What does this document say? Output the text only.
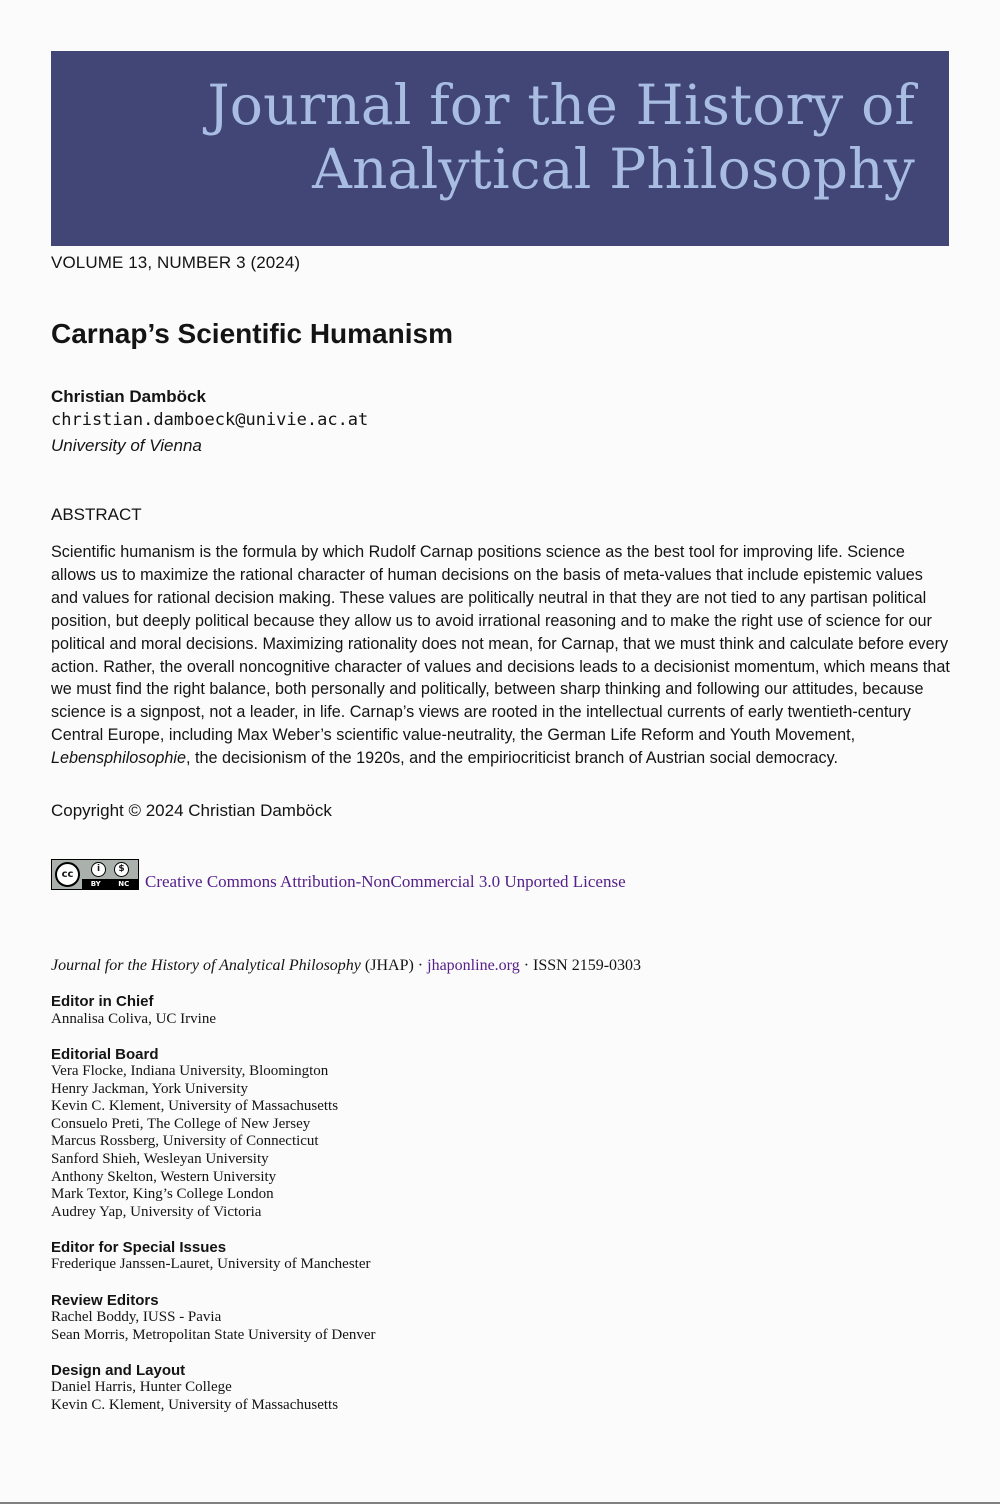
Journal for the History of
Analytical Philosophy
VOLUME 13, NUMBER 3 (2024)
Carnap’s Scientific Humanism
Christian Damböck
christian.damboeck@univie.ac.at
University of Vienna
ABSTRACT

Scientific humanism is the formula by which Rudolf Carnap positions science as the best tool for improving life. Science allows us to maximize the rational character of human decisions on the basis of meta-values that include epistemic values and values for rational decision making. These values are politically neutral in that they are not tied to any partisan political position, but deeply political because they allow us to avoid irrational reasoning and to make the right use of science for our political and moral decisions. Maximizing rationality does not mean, for Carnap, that we must think and calculate before every action. Rather, the overall noncognitive character of values and decisions leads to a decisionist momentum, which means that we must find the right balance, both personally and politically, between sharp thinking and following our attitudes, because science is a signpost, not a leader, in life. Carnap’s views are rooted in the intellectual currents of early twentieth-century Central Europe, including Max Weber’s scientific value-neutrality, the German Life Reform and Youth Movement, Lebensphilosophie, the decisionism of the 1920s, and the empiriocriticist branch of Austrian social democracy.

Copyright © 2024 Christian Damböck
cc	i	$
BY NC Creative Commons Attribution-NonCommercial 3.0 Unported License
Journal for the History of Analytical Philosophy (JHAP) · jhaponline.org · ISSN 2159-0303
Editor in Chief
Annalisa Coliva, UC Irvine
Editorial Board
Vera Flocke, Indiana University, Bloomington
Henry Jackman, York University
Kevin C. Klement, University of Massachusetts
Consuelo Preti, The College of New Jersey
Marcus Rossberg, University of Connecticut
Sanford Shieh, Wesleyan University
Anthony Skelton, Western University
Mark Textor, King’s College London
Audrey Yap, University of Victoria
Editor for Special Issues
Frederique Janssen-Lauret, University of Manchester
Review Editors
Rachel Boddy, IUSS - Pavia
Sean Morris, Metropolitan State University of Denver
Design and Layout
Daniel Harris, Hunter College
Kevin C. Klement, University of Massachusetts
